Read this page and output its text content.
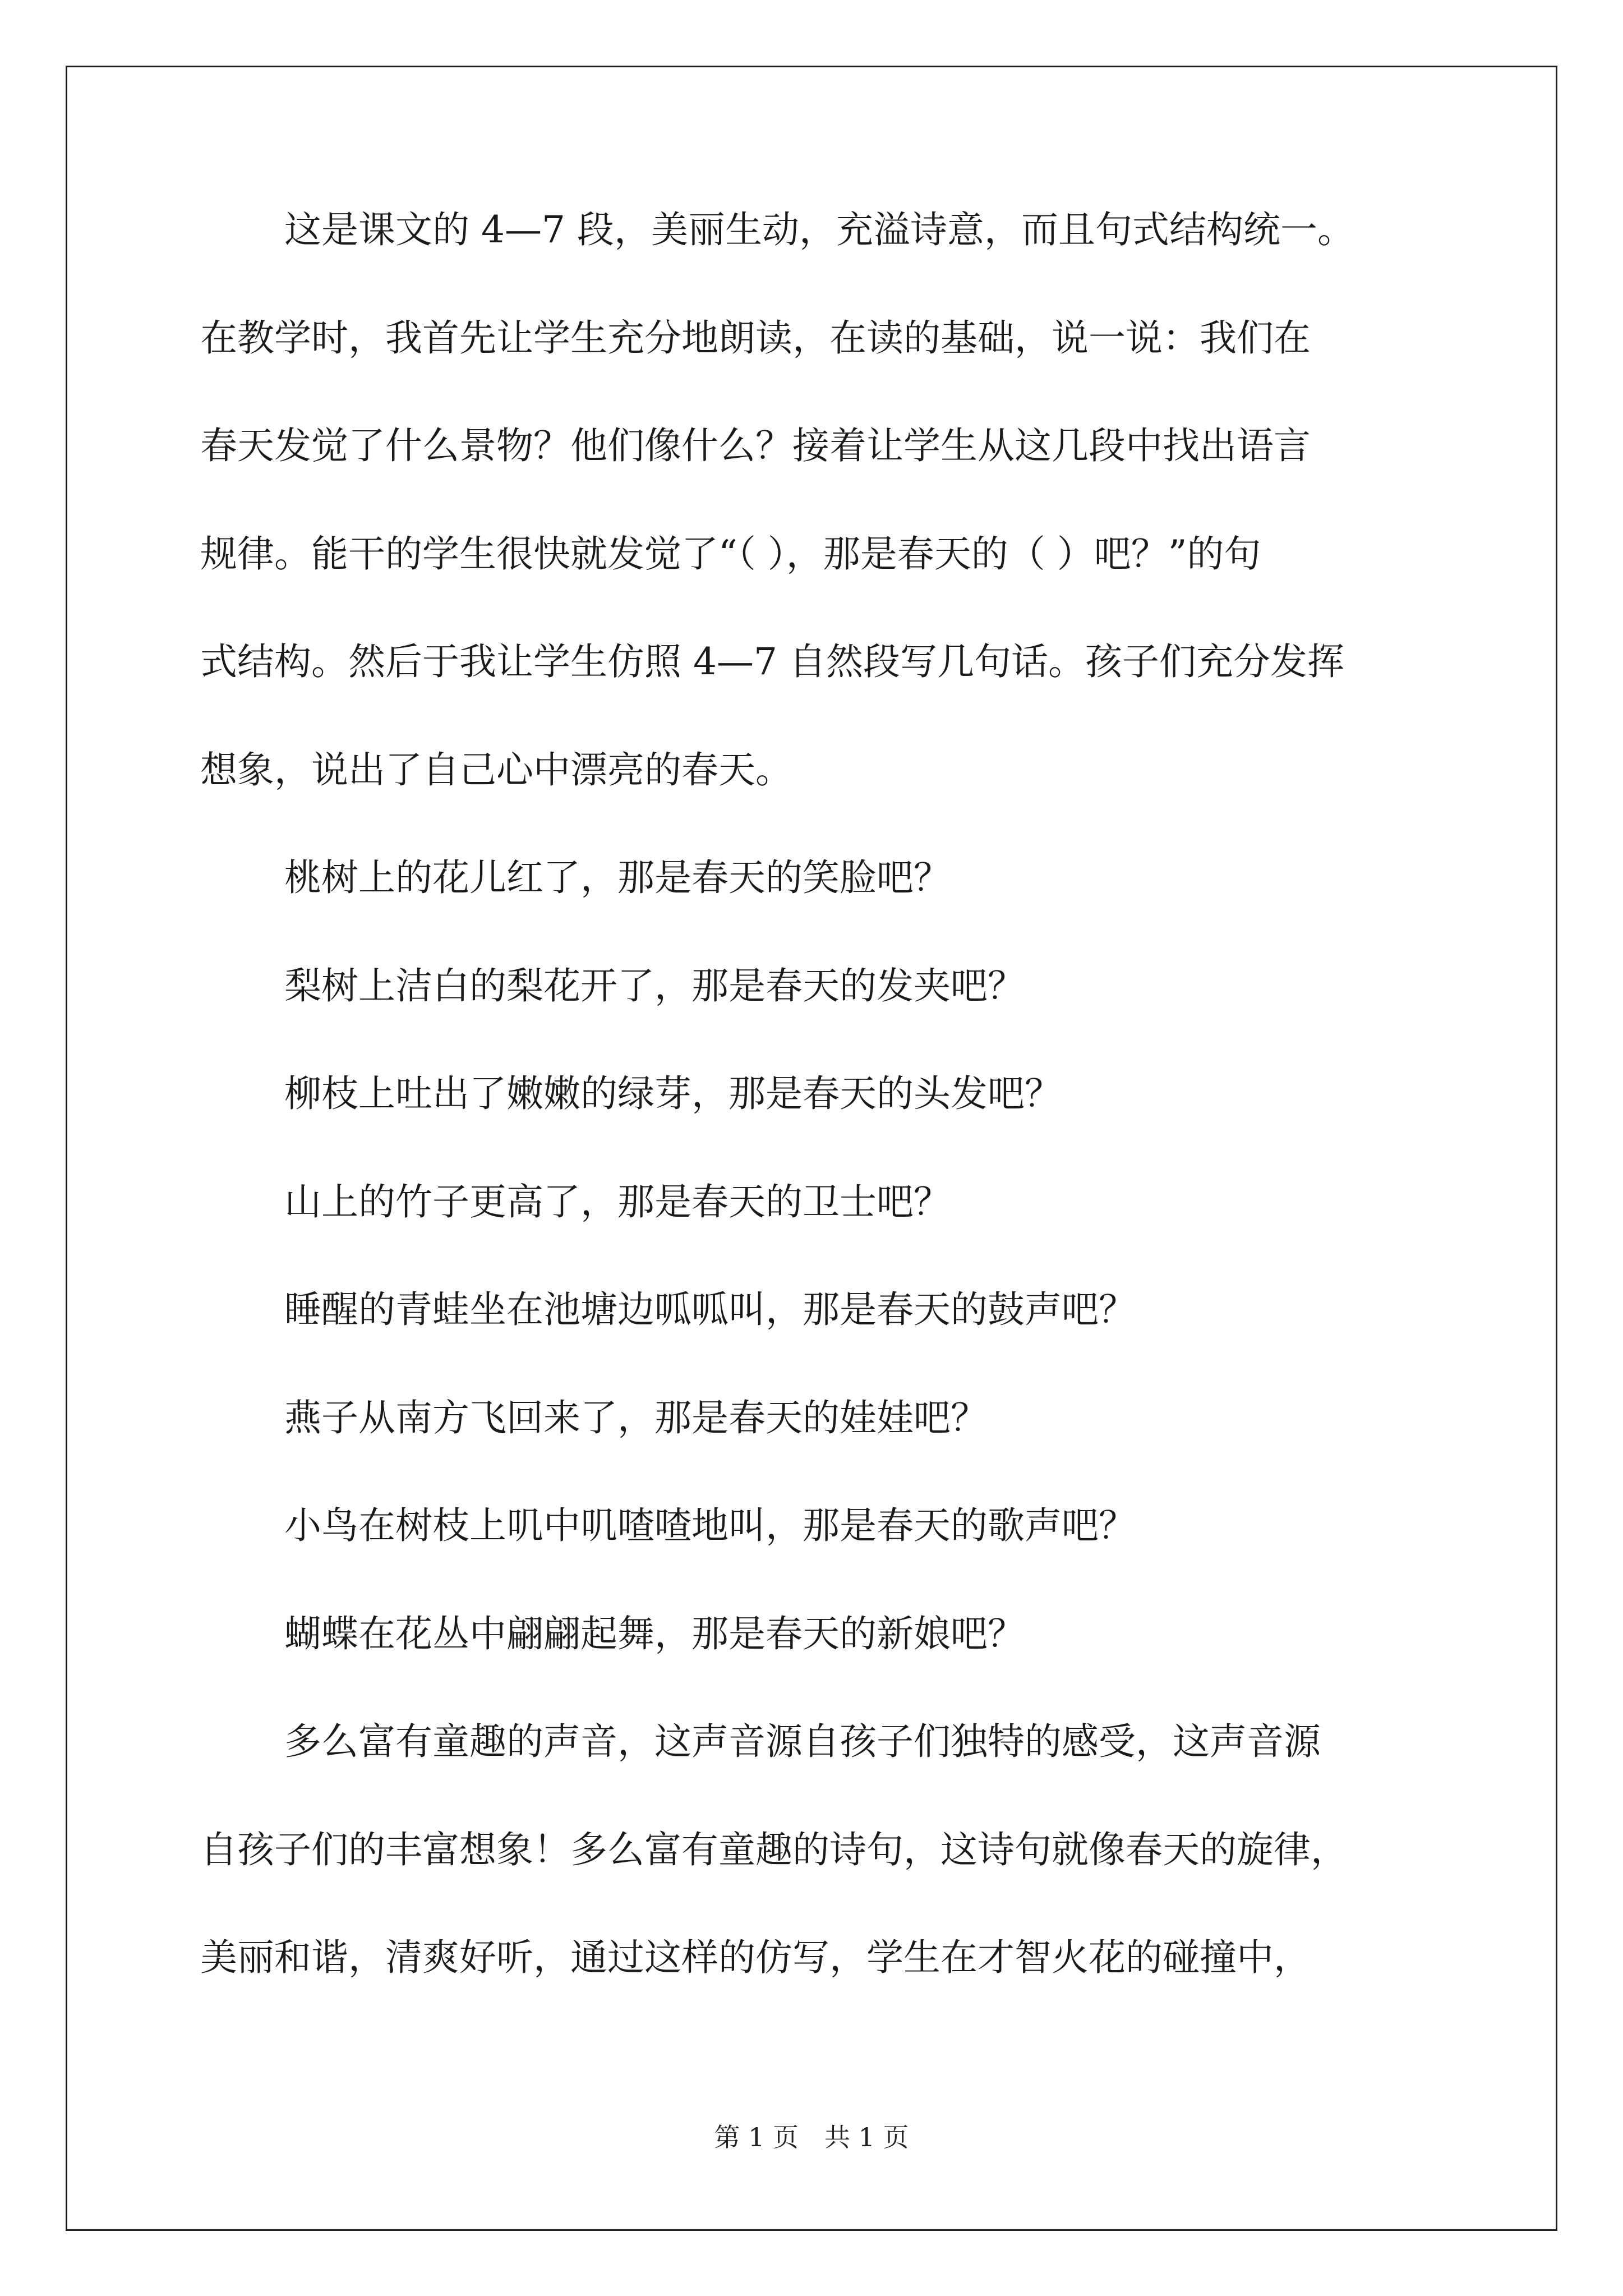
这是课文的 4—7 段，美丽生动，充溢诗意，而且句式结构统一。
在教学时，我首先让学生充分地朗读，在读的基础，说一说：我们在
春天发觉了什么景物？他们像什么？接着让学生从这几段中找出语言
规律。能干的学生很快就发觉了“（ ），那是春天的（ ）吧？”的句
式结构。然后于我让学生仿照 4—7 自然段写几句话。孩子们充分发挥
想象，说出了自己心中漂亮的春天。
桃树上的花儿红了，那是春天的笑脸吧？
梨树上洁白的梨花开了，那是春天的发夹吧？
柳枝上吐出了嫩嫩的绿芽，那是春天的头发吧？
山上的竹子更高了，那是春天的卫士吧？
睡醒的青蛙坐在池塘边呱呱叫，那是春天的鼓声吧？
燕子从南方飞回来了，那是春天的娃娃吧？
小鸟在树枝上叽中叽喳喳地叫，那是春天的歌声吧？
蝴蝶在花丛中翩翩起舞，那是春天的新娘吧？
多么富有童趣的声音，这声音源自孩子们独特的感受，这声音源
自孩子们的丰富想象！多么富有童趣的诗句，这诗句就像春天的旋律，
美丽和谐，清爽好听，通过这样的仿写，学生在才智火花的碰撞中，
第 1 页　共 1 页
